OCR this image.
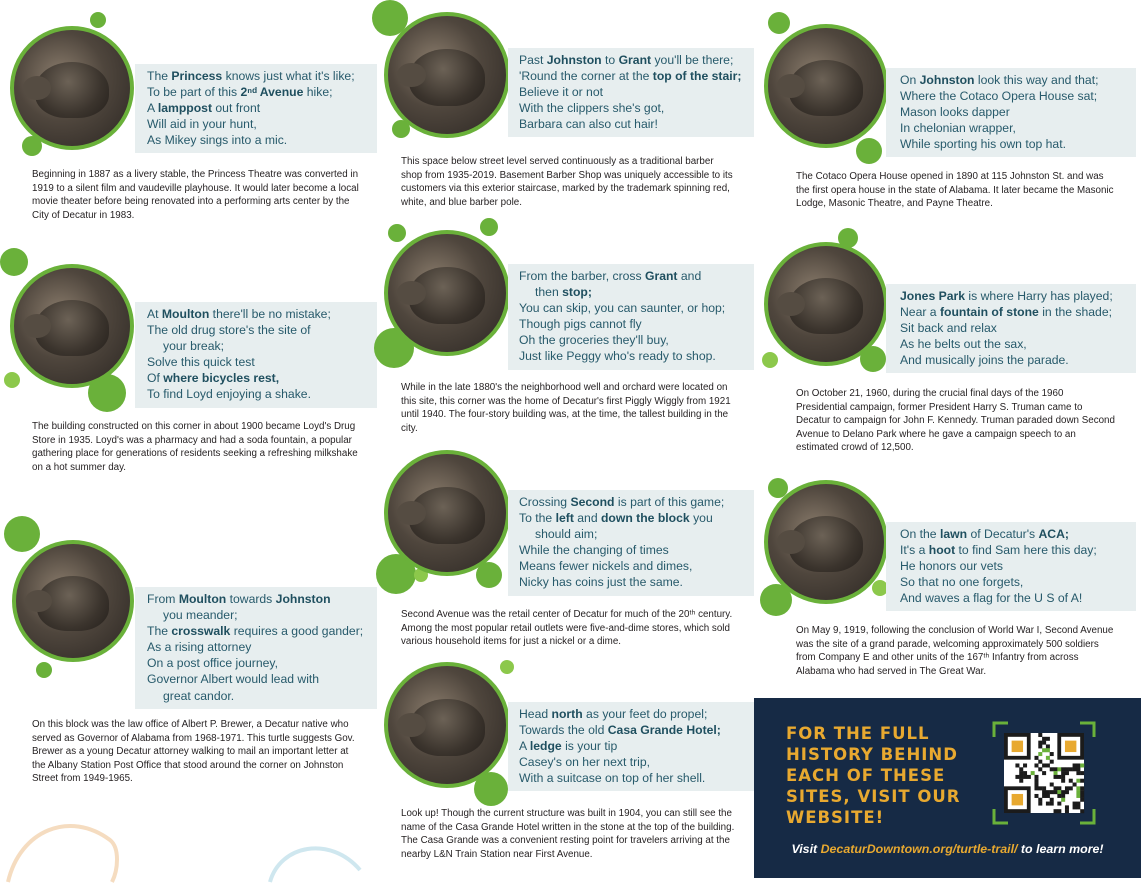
The Princess knows just what it's like;
To be part of this 2ⁿᵈ Avenue hike;
A lamppost out front
Will aid in your hunt,
As Mikey sings into a mic.
Beginning in 1887 as a livery stable, the Princess Theatre was converted in 1919 to a silent film and vaudeville playhouse. It would later become a local movie theater before being renovated into a performing arts center by the City of Decatur in 1983.
At Moulton there'll be no mistake;
The old drug store's the site of
your break;
Solve this quick test
Of where bicycles rest,
To find Loyd enjoying a shake.
The building constructed on this corner in about 1900 became Loyd's Drug Store in 1935. Loyd's was a pharmacy and had a soda fountain, a popular gathering place for generations of residents seeking a refreshing milkshake on a hot summer day.

From Moulton towards Johnston
you meander;
The crosswalk requires a good gander;
As a rising attorney
On a post office journey,
Governor Albert would lead with
great candor.
On this block was the law office of Albert P. Brewer, a Decatur native who served as Governor of Alabama from 1968-1971. This turtle suggests Gov. Brewer as a young Decatur attorney walking to mail an important letter at the Albany Station Post Office that stood around the corner on Johnston Street from 1949-1965.
Past Johnston to Grant you'll be there;
'Round the corner at the top of the stair;
Believe it or not
With the clippers she's got,
Barbara can also cut hair!
This space below street level served continuously as a traditional barber shop from 1935-2019. Basement Barber Shop was uniquely accessible to its customers via this exterior staircase, marked by the trademark spinning red, white, and blue barber pole.
From the barber, cross Grant and
then stop;
You can skip, you can saunter, or hop;
Though pigs cannot fly
Oh the groceries they'll buy,
Just like Peggy who's ready to shop.
While in the late 1880's the neighborhood well and orchard were located on this site, this corner was the home of Decatur's first Piggly Wiggly from 1921 until 1940. The four-story building was, at the time, the tallest building in the city.
Crossing Second is part of this game;
To the left and down the block you
should aim;
While the changing of times
Means fewer nickels and dimes,
Nicky has coins just the same.
Second Avenue was the retail center of Decatur for much of the 20ᵗʰ century. Among the most popular retail outlets were five-and-dime stores, which sold various household items for just a nickel or a dime.
Head north as your feet do propel;
Towards the old Casa Grande Hotel;
A ledge is your tip
Casey's on her next trip,
With a suitcase on top of her shell.
Look up! Though the current structure was built in 1904, you can still see the name of the Casa Grande Hotel written in the stone at the top of the building. The Casa Grande was a convenient resting point for travelers arriving at the nearby L&N Train Station near First Avenue.
On Johnston look this way and that;
Where the Cotaco Opera House sat;
Mason looks dapper
In chelonian wrapper,
While sporting his own top hat.
The Cotaco Opera House opened in 1890 at 115 Johnston St. and was the first opera house in the state of Alabama. It later became the Masonic Lodge, Masonic Theatre, and Payne Theatre.
Jones Park is where Harry has played;
Near a fountain of stone in the shade;
Sit back and relax
As he belts out the sax,
And musically joins the parade.
On October 21, 1960, during the crucial final days of the 1960 Presidential campaign, former President Harry S. Truman came to Decatur to campaign for John F. Kennedy. Truman paraded down Second Avenue to Delano Park where he gave a campaign speech to an estimated crowd of 12,500.
On the lawn of Decatur's ACA;
It's a hoot to find Sam here this day;
He honors our vets
So that no one forgets,
And waves a flag for the U S of A!
On May 9, 1919, following the conclusion of World War I, Second Avenue was the site of a grand parade, welcoming approximately 500 soldiers from Company E and other units of the 167ᵗʰ Infantry from across Alabama who had served in The Great War.
FOR THE FULL
HISTORY BEHIND
EACH OF THESE
SITES, VISIT OUR
WEBSITE!
Visit DecaturDowntown.org/turtle-trail/ to learn more!
